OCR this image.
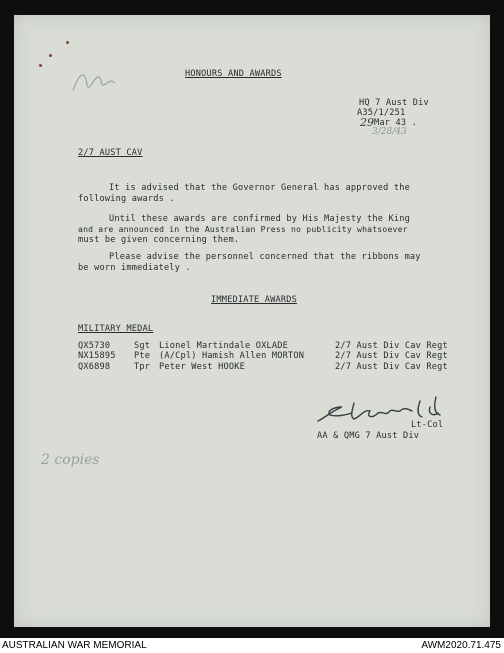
HONOURS AND AWARDS

HQ 7 Aust Div

A35/1/251

29 Mar 43 .

3/28/43

2/7 AUST CAV

It is advised that the Governor General has approved the

following awards .

Until these awards are confirmed by His Majesty the King

and are announced in the Australian Press no publicity whatsoever

must be given concerning them.

Please advise the personnel concerned that the ribbons may

be worn immediately .

IMMEDIATE AWARDS

MILITARY MEDAL

QX5730	Sgt Lionel Martindale OXLADE	2/7 Aust Div Cav Regt

NX15895 Pte (A/Cpl) Hamish Allen MORTON	2/7 Aust Div Cav Regt

QX6898	Tpr Peter West HOOKE	2/7 Aust Div Cav Regt

Lt-Col

AA & QMG 7 Aust Div

2 copies

AUSTRALIAN WAR MEMORIAL	AWM2020.71.475
